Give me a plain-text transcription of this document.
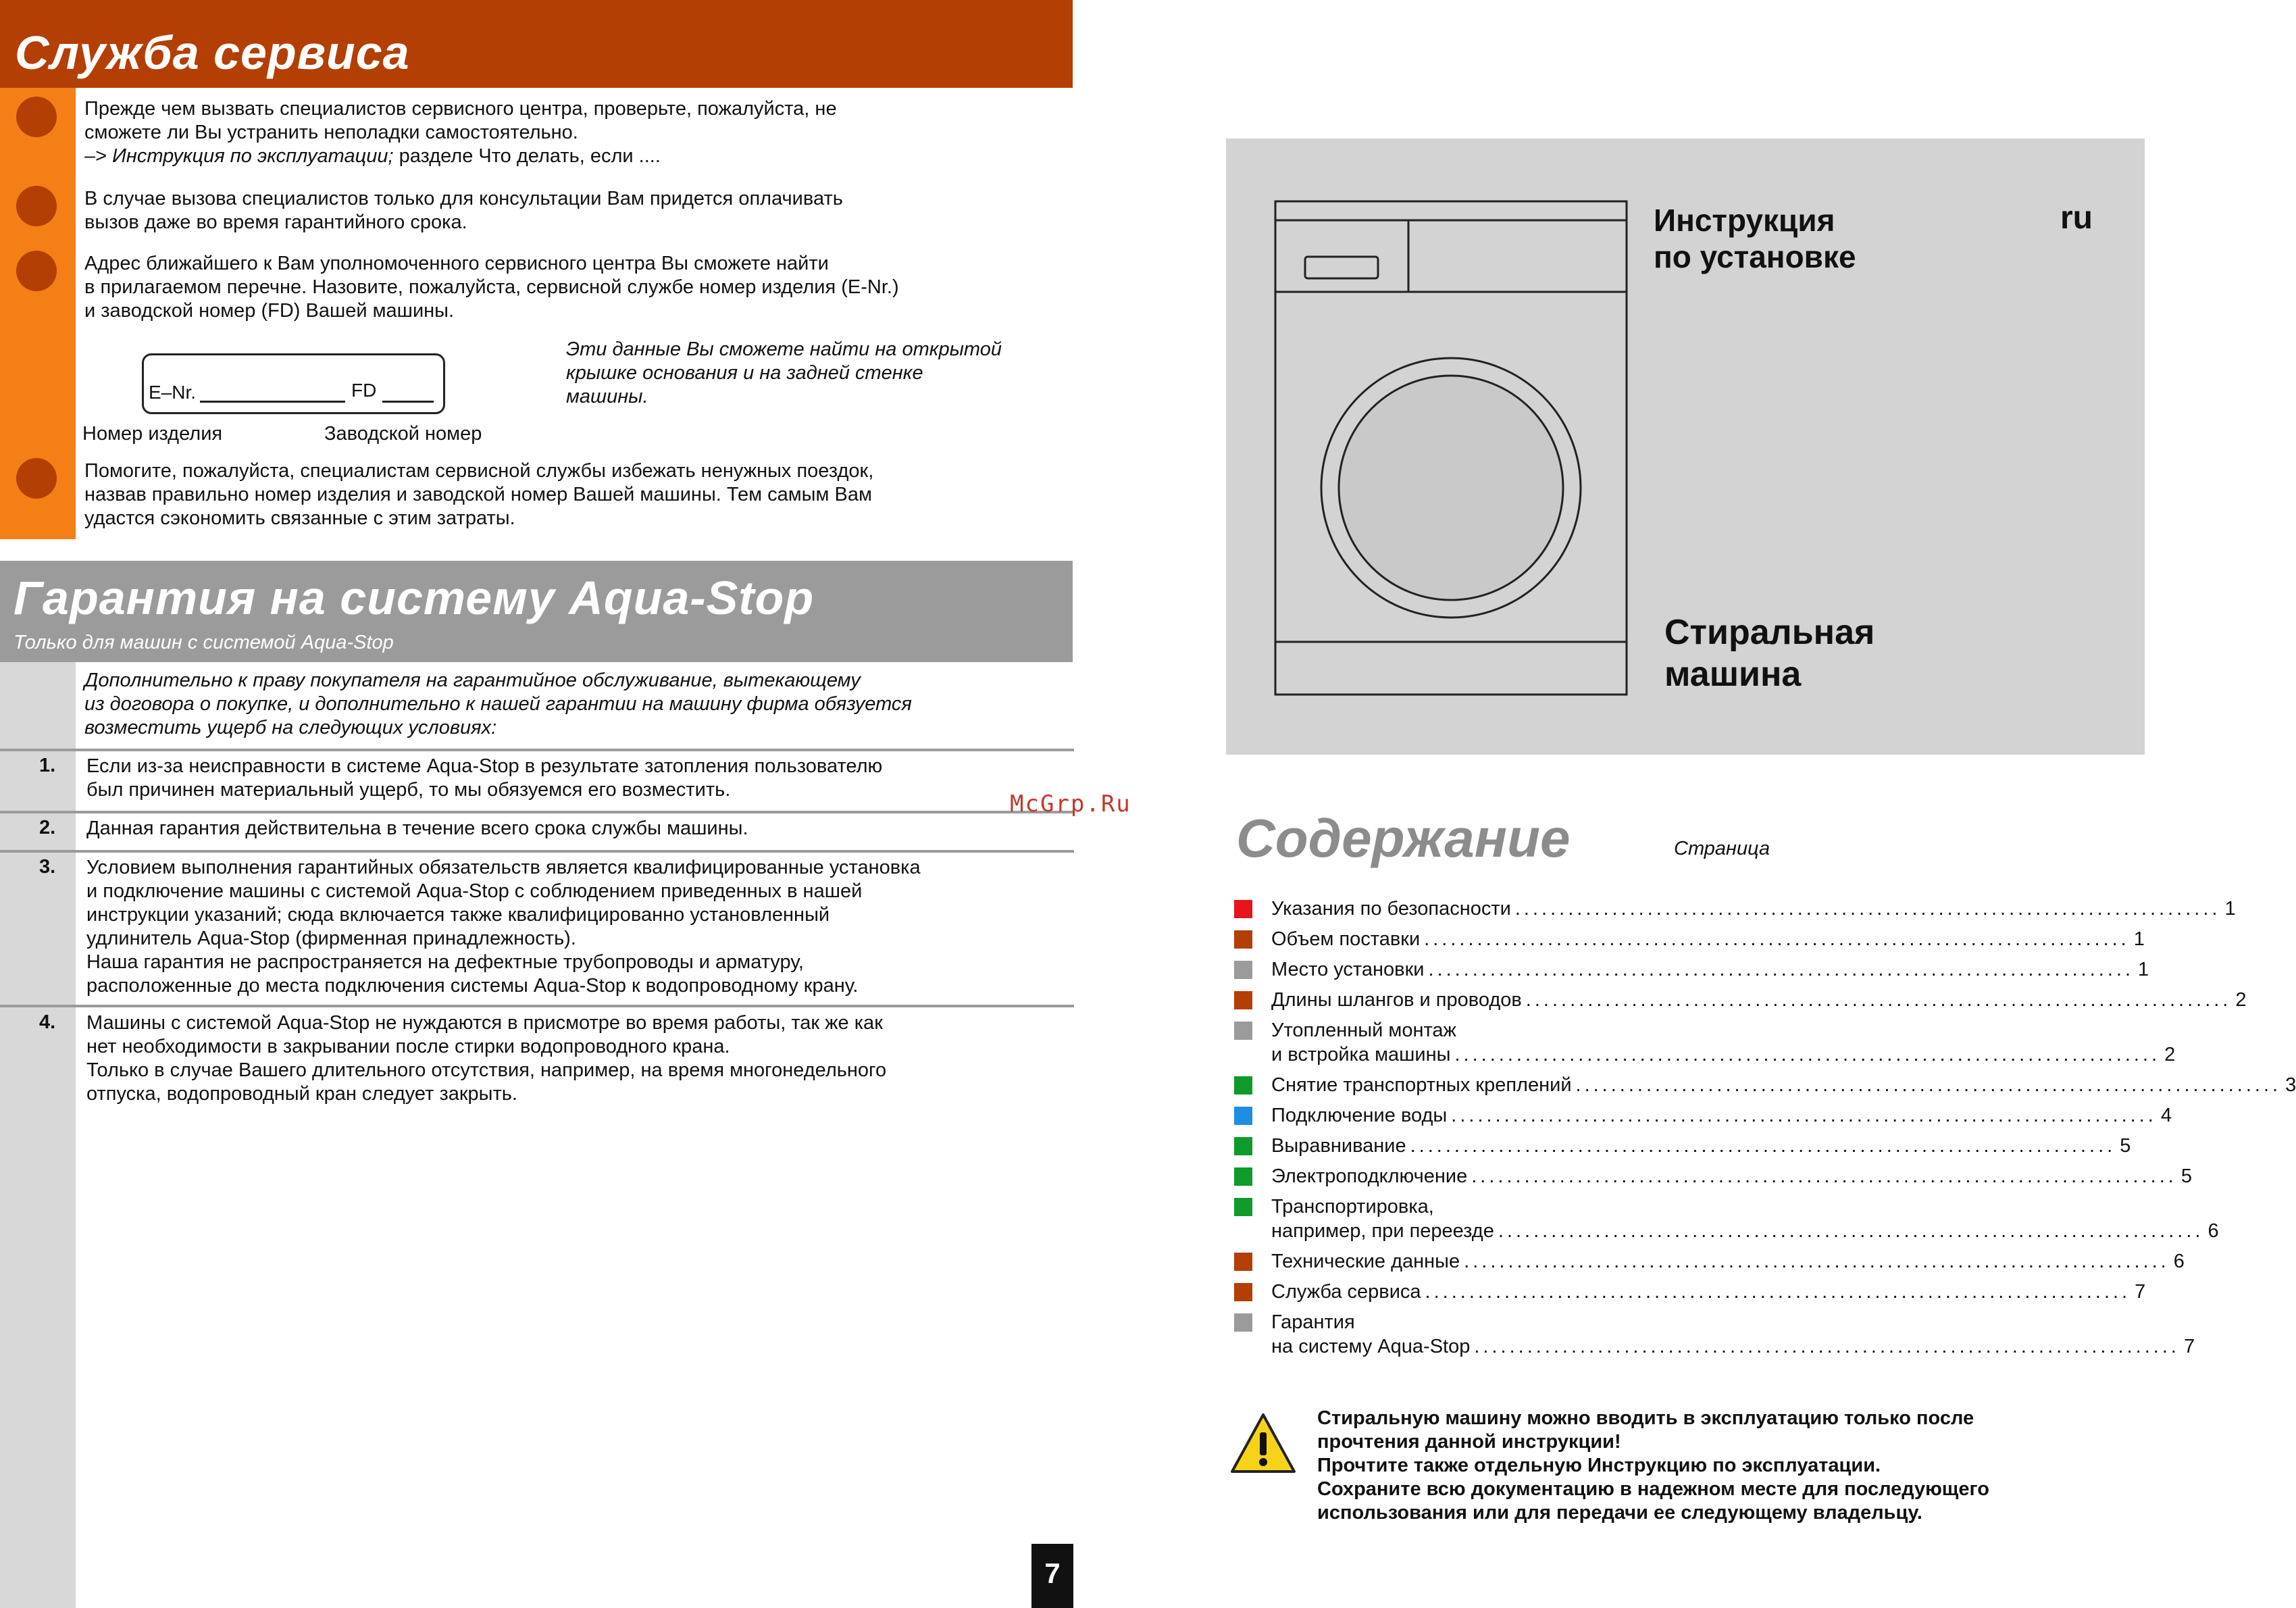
Служба сервиса
Прежде чем вызвать специалистов сервисного центра, проверьте, пожалуйста, не
сможете ли Вы устранить неполадки самостоятельно.
–> Инструкция по эксплуатации; разделе Что делать, если ....
В случае вызова специалистов только для консультации Вам придется оплачивать
вызов даже во время гарантийного срока.
Адрес ближайшего к Вам уполномоченного сервисного центра Вы сможете найти
в прилагаемом перечне. Назовите, пожалуйста, сервисной службе номер изделия (E-Nr.)
и заводской номер (FD) Вашей машины.
E–Nr.	FD
Номер изделия	Заводской номер
Эти данные Вы сможете найти на открытой
крышке основания и на задней стенке
машины.
Помогите, пожалуйста, специалистам сервисной службы избежать ненужных поездок,
назвав правильно номер изделия и заводской номер Вашей машины. Тем самым Вам
удастся сэкономить связанные с этим затраты.
Гарантия на систему Aqua-Stop
Только для машин с системой Aqua-Stop
Дополнительно к праву покупателя на гарантийное обслуживание, вытекающему
из договора о покупке, и дополнительно к нашей гарантии на машину фирма обязуется
возместить ущерб на следующих условиях:
1. Если из-за неисправности в системе Aqua-Stop в результате затопления пользователю
был причинен материальный ущерб, то мы обязуемся его возместить.
2. Данная гарантия действительна в течение всего срока службы машины.
3. Условием выполнения гарантийных обязательств является квалифицированные установка
и подключение машины с системой Aqua-Stop с соблюдением приведенных в нашей
инструкции указаний; сюда включается также квалифицированно установленный
удлинитель Aqua-Stop (фирменная принадлежность).
Наша гарантия не распространяется на дефектные трубопроводы и арматуру,
расположенные до места подключения системы Aqua-Stop к водопроводному крану.
4. Машины с системой Aqua-Stop не нуждаются в присмотре во время работы, так же как
нет необходимости в закрывании после стирки водопроводного крана.
Только в случае Вашего длительного отсутствия, например, на время многонедельного
отпуска, водопроводный кран следует закрыть.
7
McGrp.Ru
Инструкция
по установке
ru
Стиральная
машина
Содержание	Страница
Указания по безопасности ................................................................................ 1
Объем поставки ................................................................................ 1
Место установки ................................................................................ 1
Длины шлангов и проводов ................................................................................ 2
Утопленный монтаж
и встройка машины ................................................................................ 2
Снятие транспортных креплений ................................................................................ 3
Подключение воды ................................................................................ 4
Выравнивание ................................................................................ 5
Электроподключение ................................................................................ 5
Транспортировка,
например, при переезде ................................................................................ 6
Технические данные ................................................................................ 6
Служба сервиса ................................................................................ 7
Гарантия
на систему Aqua-Stop ................................................................................ 7
Стиральную машину можно вводить в эксплуатацию только после
прочтения данной инструкции!
Прочтите также отдельную Инструкцию по эксплуатации.
Сохраните всю документацию в надежном месте для последующего
использования или для передачи ее следующему владельцу.
